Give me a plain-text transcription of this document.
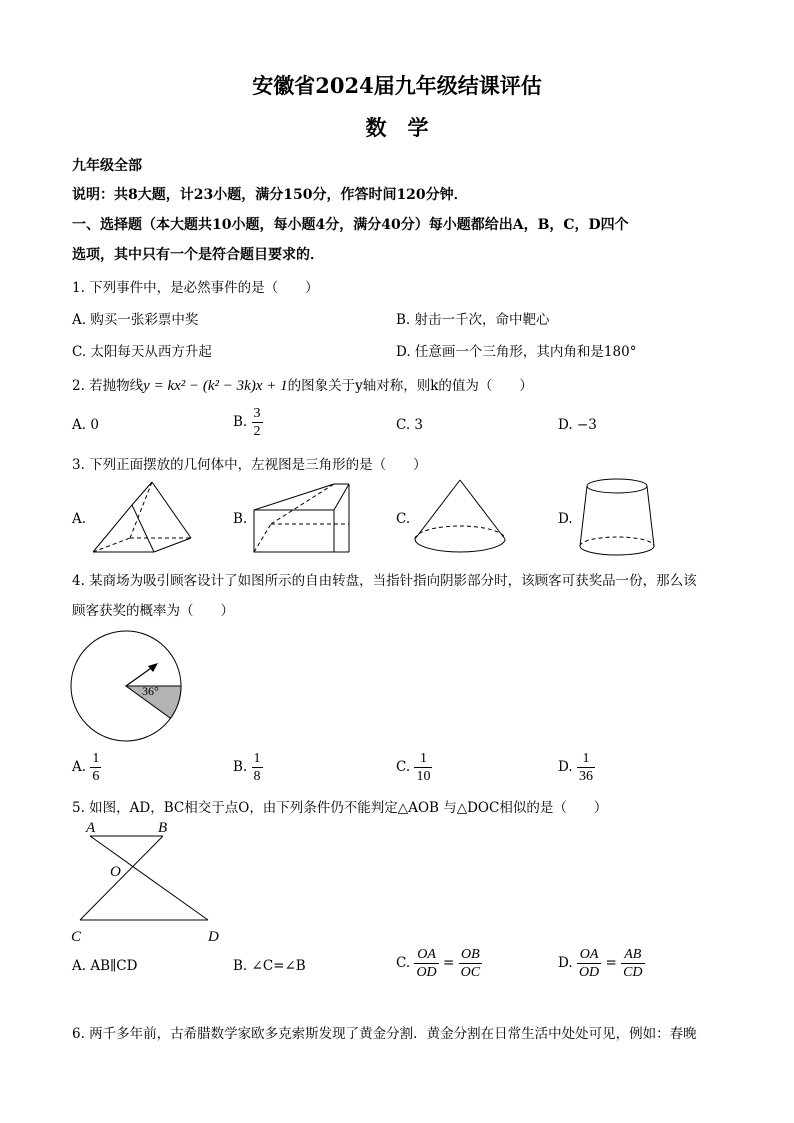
安徽省2024届九年级结课评估
数　学
九年级全部
说明：共8大题，计23小题，满分150分，作答时间120分钟．
一、选择题（本大题共10小题，每小题4分，满分40分）每小题都给出A，B，C，D四个
选项，其中只有一个是符合题目要求的．
1. 下列事件中，是必然事件的是（　　）
A. 购买一张彩票中奖	B. 射击一千次，命中靶心
C. 太阳每天从西方升起	D. 任意画一个三角形，其内角和是180°
2. 若抛物线y = kx² − (k² − 3k)x + 1的图象关于y轴对称，则k的值为（　　）
A. 0	B. $\frac{3}{2}$	C. 3	D. −3
3. 下列正面摆放的几何体中，左视图是三角形的是（　　）
A.	B.	C.	D.
4. 某商场为吸引顾客设计了如图所示的自由转盘，当指针指向阴影部分时，该顾客可获奖品一份，那么该
顾客获奖的概率为（　　）
36°
A. $\frac{1}{6}$	B. $\frac{1}{8}$	C. $\frac{1}{10}$	D. $\frac{1}{36}$
5. 如图，AD，BC相交于点O，由下列条件仍不能判定△AOB 与△DOC相似的是（　　）
A	B
O
C	D
A. AB∥CD	B. ∠C=∠B	C. $\frac{OA}{OD} = \frac{OB}{OC}$	D. $\frac{OA}{OD} = \frac{AB}{CD}$
6. 两千多年前，古希腊数学家欧多克索斯发现了黄金分割．黄金分割在日常生活中处处可见，例如：春晚
